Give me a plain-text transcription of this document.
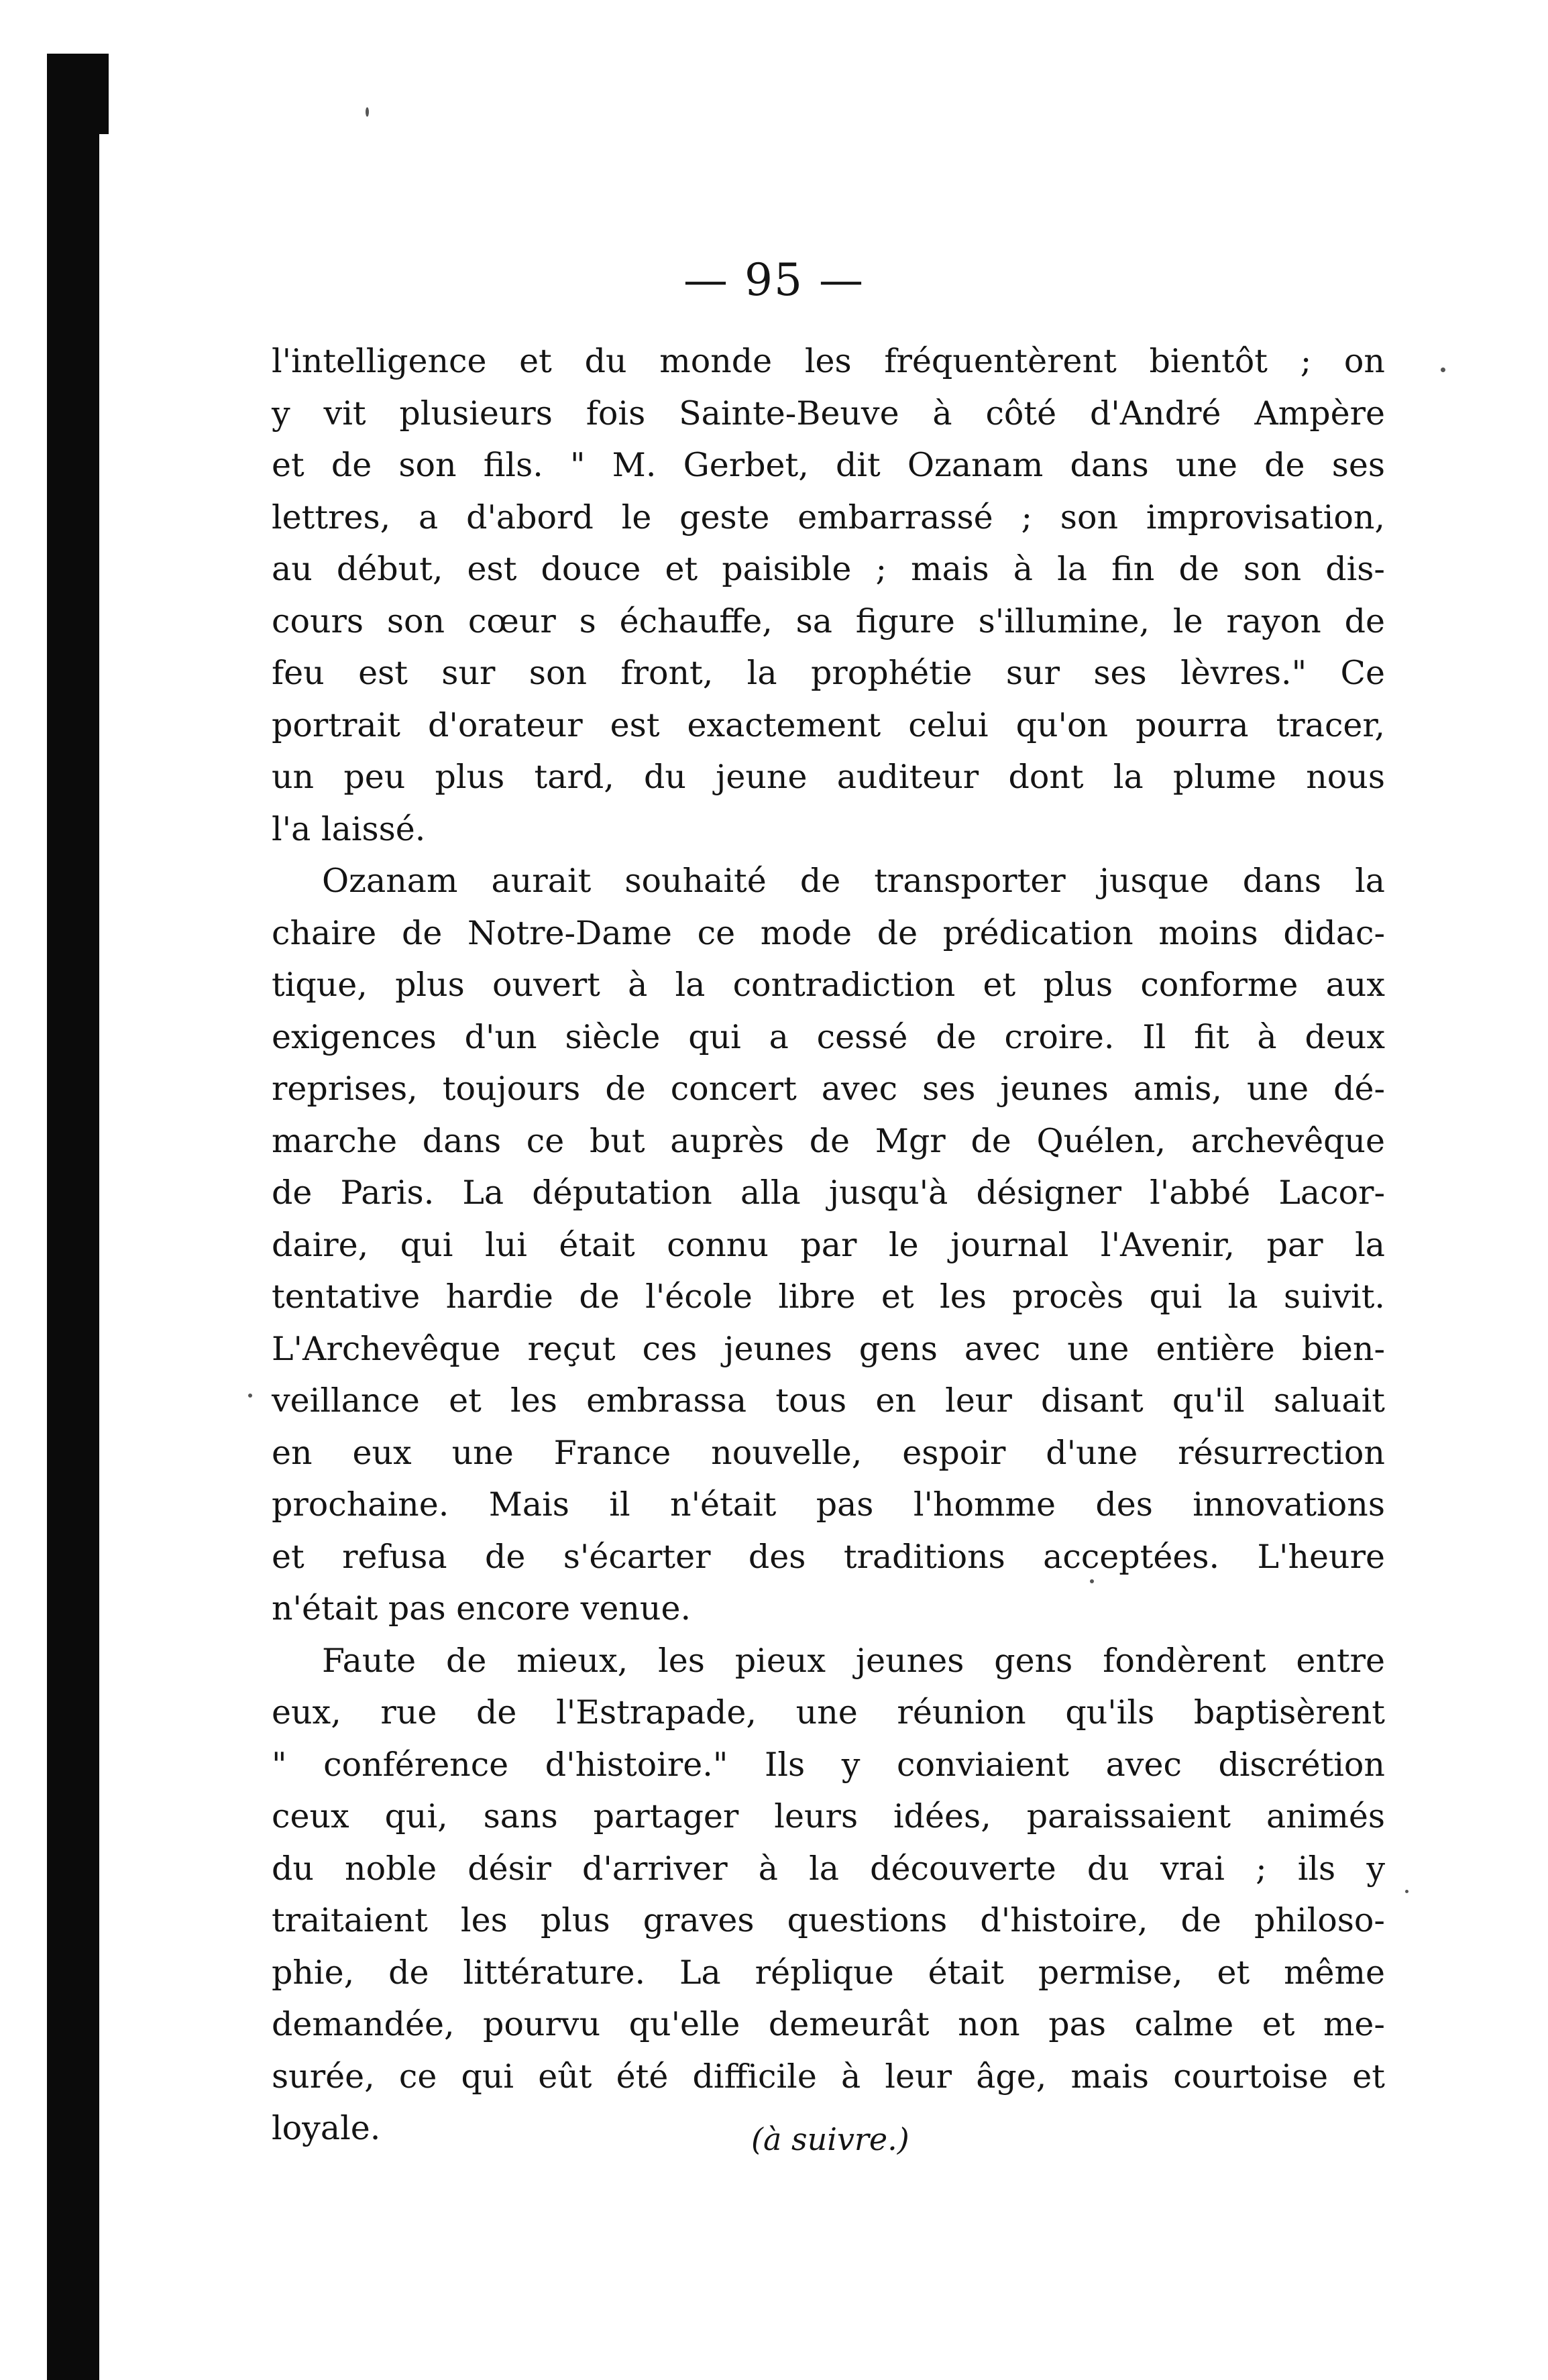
— 95 —
l'intelligence et du monde les fréquentèrent bientôt ; on
y vit plusieurs fois Sainte-Beuve à côté d'André Ampère
et de son fils. " M. Gerbet, dit Ozanam dans une de ses
lettres, a d'abord le geste embarrassé ; son improvisation,
au début, est douce et paisible ; mais à la fin de son dis-
cours son cœur s échauffe, sa figure s'illumine, le rayon de
feu est sur son front, la prophétie sur ses lèvres." Ce
portrait d'orateur est exactement celui qu'on pourra tracer,
un peu plus tard, du jeune auditeur dont la plume nous
l'a laissé.
Ozanam aurait souhaité de transporter jusque dans la
chaire de Notre-Dame ce mode de prédication moins didac-
tique, plus ouvert à la contradiction et plus conforme aux
exigences d'un siècle qui a cessé de croire. Il fit à deux
reprises, toujours de concert avec ses jeunes amis, une dé-
marche dans ce but auprès de Mgr de Quélen, archevêque
de Paris. La députation alla jusqu'à désigner l'abbé Lacor-
daire, qui lui était connu par le journal l'Avenir, par la
tentative hardie de l'école libre et les procès qui la suivit.
L'Archevêque reçut ces jeunes gens avec une entière bien-
veillance et les embrassa tous en leur disant qu'il saluait
en eux une France nouvelle, espoir d'une résurrection
prochaine. Mais il n'était pas l'homme des innovations
et refusa de s'écarter des traditions acceptées. L'heure
n'était pas encore venue.
Faute de mieux, les pieux jeunes gens fondèrent entre
eux, rue de l'Estrapade, une réunion qu'ils baptisèrent
" conférence d'histoire." Ils y conviaient avec discrétion
ceux qui, sans partager leurs idées, paraissaient animés
du noble désir d'arriver à la découverte du vrai ; ils y
traitaient les plus graves questions d'histoire, de philoso-
phie, de littérature. La réplique était permise, et même
demandée, pourvu qu'elle demeurât non pas calme et me-
surée, ce qui eût été difficile à leur âge, mais courtoise et
loyale.	(à suivre.)
